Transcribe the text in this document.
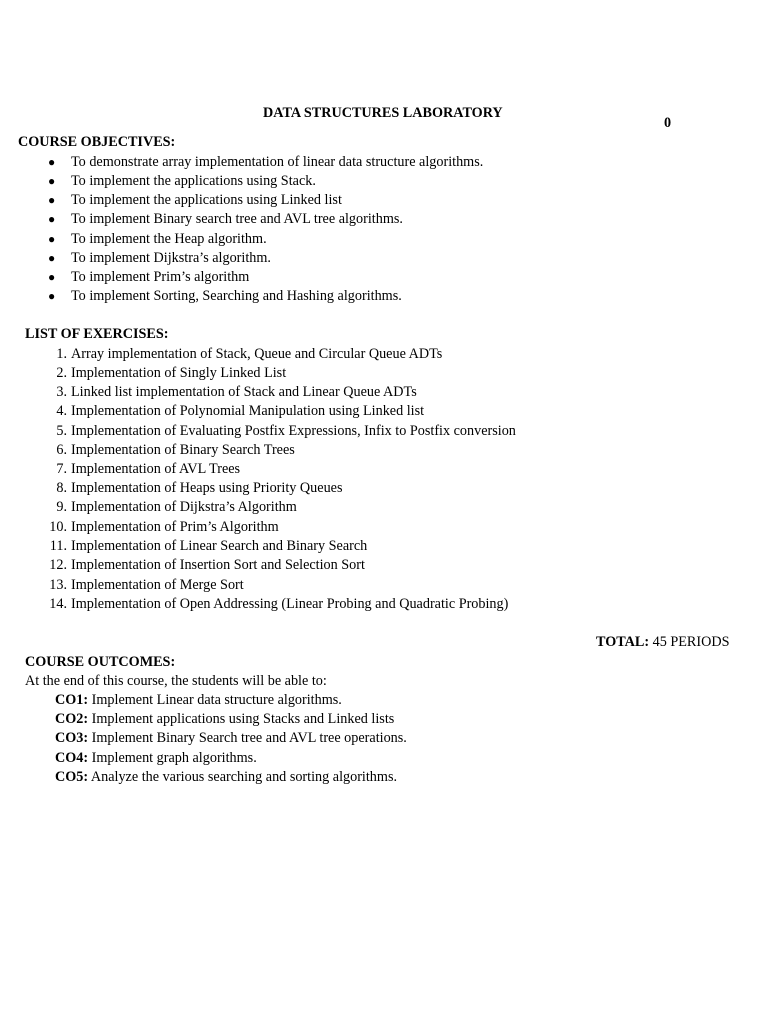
DATA STRUCTURES LABORATORY
0
COURSE OBJECTIVES:
● To demonstrate array implementation of linear data structure algorithms.
● To implement the applications using Stack.
● To implement the applications using Linked list
● To implement Binary search tree and AVL tree algorithms.
● To implement the Heap algorithm.
● To implement Dijkstra’s algorithm.
● To implement Prim’s algorithm
● To implement Sorting, Searching and Hashing algorithms.
LIST OF EXERCISES:
1. Array implementation of Stack, Queue and Circular Queue ADTs
2. Implementation of Singly Linked List
3. Linked list implementation of Stack and Linear Queue ADTs
4. Implementation of Polynomial Manipulation using Linked list
5. Implementation of Evaluating Postfix Expressions, Infix to Postfix conversion
6. Implementation of Binary Search Trees
7. Implementation of AVL Trees
8. Implementation of Heaps using Priority Queues
9. Implementation of Dijkstra’s Algorithm
10. Implementation of Prim’s Algorithm
11. Implementation of Linear Search and Binary Search
12. Implementation of Insertion Sort and Selection Sort
13. Implementation of Merge Sort
14. Implementation of Open Addressing (Linear Probing and Quadratic Probing)
TOTAL: 45 PERIODS
COURSE OUTCOMES:
At the end of this course, the students will be able to:
CO1: Implement Linear data structure algorithms.
CO2: Implement applications using Stacks and Linked lists
CO3: Implement Binary Search tree and AVL tree operations.
CO4: Implement graph algorithms.
CO5: Analyze the various searching and sorting algorithms.
